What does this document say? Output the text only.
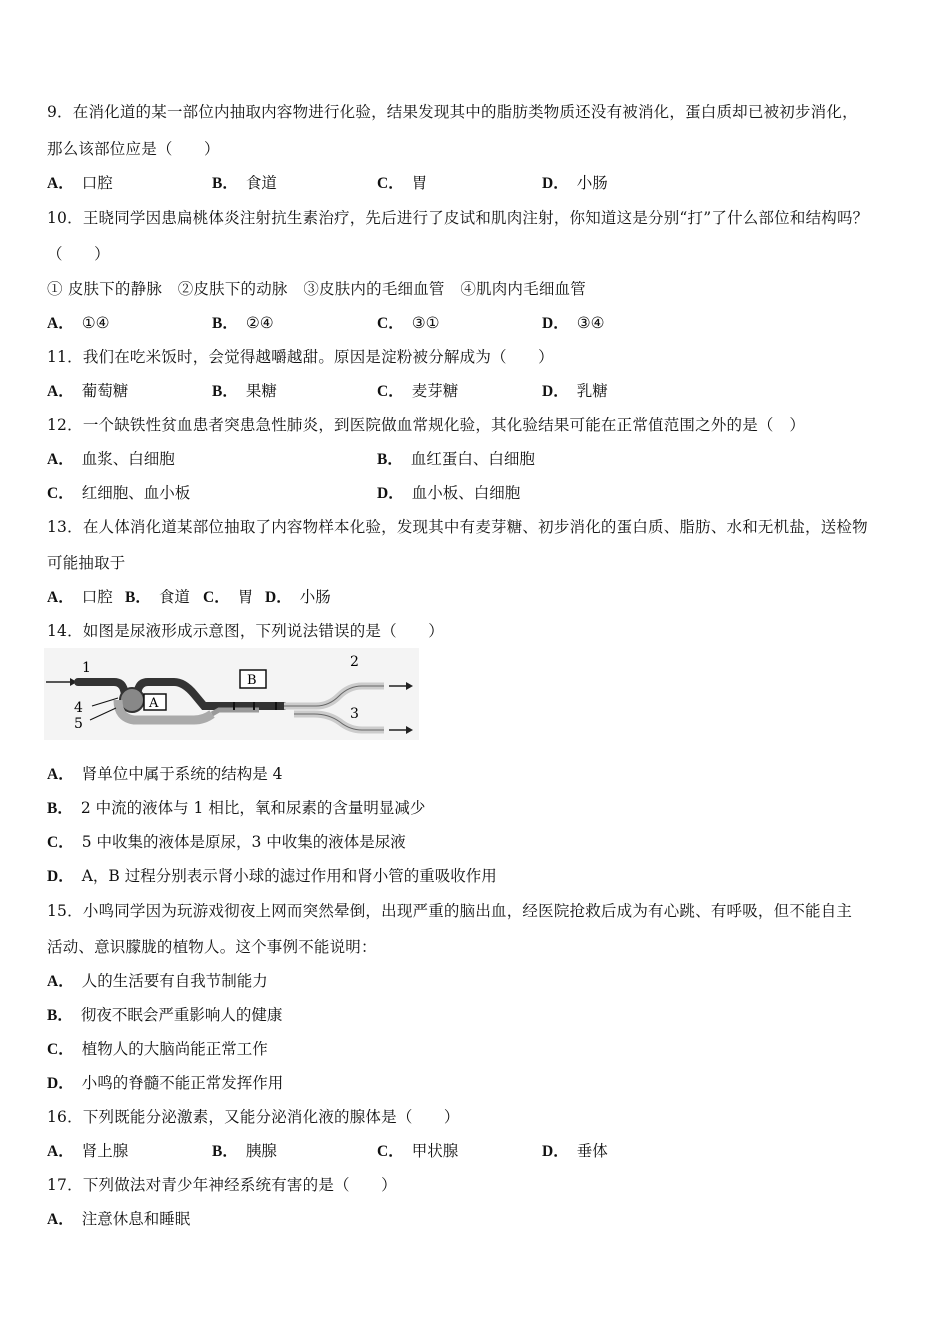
9．在消化道的某一部位内抽取内容物进行化验，结果发现其中的脂肪类物质还没有被消化，蛋白质却已被初步消化，
那么该部位应是（　　）
A． 口腔	B． 食道	C． 胃	D． 小肠
10．王晓同学因患扁桃体炎注射抗生素治疗，先后进行了皮试和肌肉注射，你知道这是分别“打”了什么部位和结构吗？
（　　）
① 皮肤下的静脉　②皮肤下的动脉　③皮肤内的毛细血管　④肌肉内毛细血管
A． ①④	B． ②④	C． ③①	D． ③④
11．我们在吃米饭时，会觉得越嚼越甜。原因是淀粉被分解成为（　　）
A． 葡萄糖	B． 果糖	C． 麦芽糖	D． 乳糖
12．一个缺铁性贫血患者突患急性肺炎，到医院做血常规化验，其化验结果可能在正常值范围之外的是（　）
A． 血浆、白细胞	B． 血红蛋白、白细胞
C． 红细胞、血小板	D． 血小板、白细胞
13．在人体消化道某部位抽取了内容物样本化验，发现其中有麦芽糖、初步消化的蛋白质、脂肪、水和无机盐，送检物
可能抽取于
A． 口腔 B． 食道 C． 胃 D． 小肠
14．如图是尿液形成示意图，下列说法错误的是（　　）
1	2
3
4
5
A
B
A． 肾单位中属于系统的结构是 4
B． 2 中流的液体与 1 相比，氧和尿素的含量明显减少
C． 5 中收集的液体是原尿，3 中收集的液体是尿液
D． A，B 过程分别表示肾小球的滤过作用和肾小管的重吸收作用
15．小鸣同学因为玩游戏彻夜上网而突然晕倒，出现严重的脑出血，经医院抢救后成为有心跳、有呼吸，但不能自主
活动、意识朦胧的植物人。这个事例不能说明：
A． 人的生活要有自我节制能力
B． 彻夜不眠会严重影响人的健康
C． 植物人的大脑尚能正常工作
D． 小鸣的脊髓不能正常发挥作用
16．下列既能分泌激素，又能分泌消化液的腺体是（　　）
A． 肾上腺	B． 胰腺	C． 甲状腺	D． 垂体
17．下列做法对青少年神经系统有害的是（　　）
A． 注意休息和睡眠
